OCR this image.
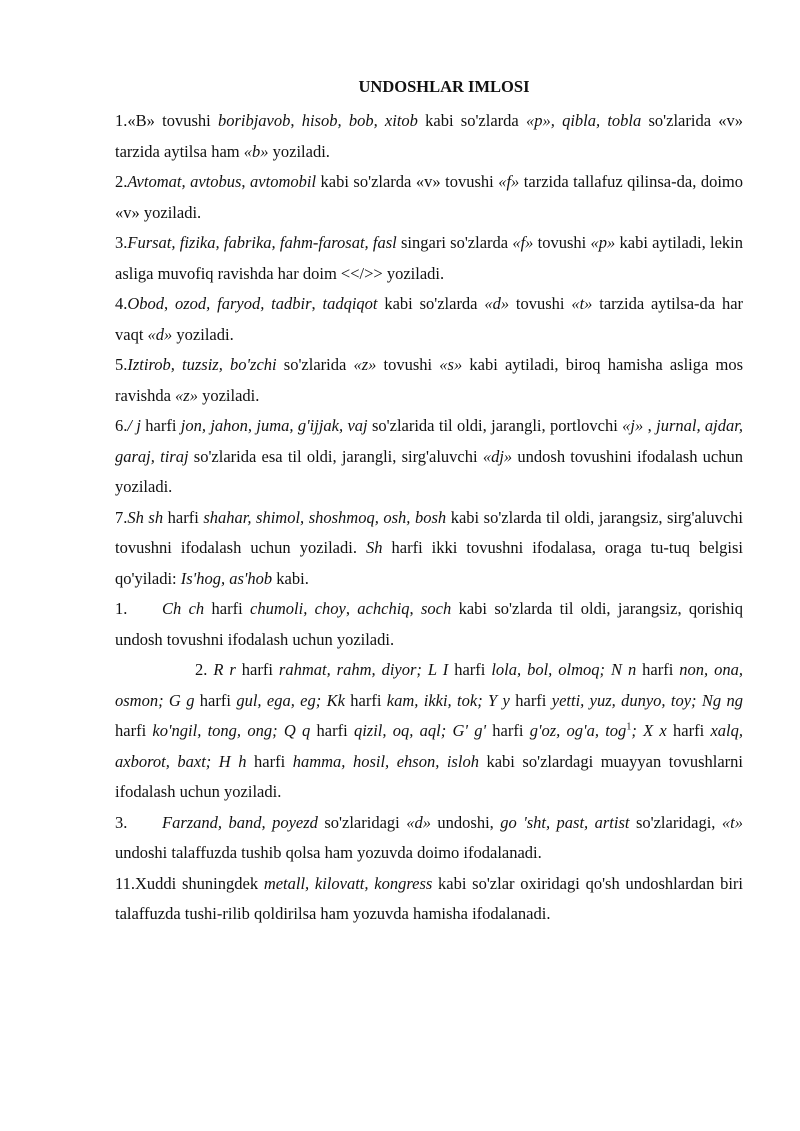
UNDOSHLAR IMLOSI

1.«B» tovushi boribjavob, hisob, bob, xitob kabi so'zlarda «p», qibla, tobla so'zlarida «v» tarzida aytilsa ham «b» yoziladi.

2.Avtomat, avtobus, avtomobil kabi so'zlarda «v» tovushi «f» tarzida tallafuz qilinsa-da, doimo «v» yoziladi.

3.Fursat, fizika, fabrika, fahm-farosat, fasl singari so'zlarda «f» tovushi «p» kabi aytiladi, lekin asliga muvofiq ravishda har doim <</>> yoziladi.

4.Obod, ozod, faryod, tadbir, tadqiqot kabi so'zlarda «d» tovushi «t» tarzida aytilsa-da har vaqt «d» yoziladi.

5.Iztirob, tuzsiz, bo'zchi so'zlarida «z» tovushi «s» kabi aytiladi, biroq hamisha asliga mos ravishda «z» yoziladi.

6./ j harfi jon, jahon, juma, g'ijjak, vaj so'zlarida til oldi, jarangli, portlovchi «j» , jurnal, ajdar, garaj, tiraj so'zlarida esa til oldi, jarangli, sirg'aluvchi «dj» undosh tovushini ifodalash uchun yoziladi.

7.Sh sh harfi shahar, shimol, shoshmoq, osh, bosh kabi so'zlarda til oldi, jarangsiz, sirg'aluvchi tovushni ifodalash uchun yoziladi. Sh harfi ikki tovushni ifodalasa, oraga tu-tuq belgisi qo'yiladi: Is'hog, as'hob kabi.

1. Ch ch harfi chumoli, choy, achchiq, soch kabi so'zlarda til oldi, jarangsiz, qorishiq undosh tovushni ifodalash uchun yoziladi.

2. R r harfi rahmat, rahm, diyor; L I harfi lola, bol, olmoq; N n harfi non, ona, osmon; G g harfi gul, ega, eg; Kk harfi kam, ikki, tok; Y y harfi yetti, yuz, dunyo, toy; Ng ng harfi ko'ngil, tong, ong; Q q harfi qizil, oq, aql; G' g' harfi g'oz, og'a, tog$^1$; X x harfi xalq, axborot, baxt; H h harfi hamma, hosil, ehson, isloh kabi so'zlardagi muayyan tovushlarni ifodalash uchun yoziladi.

3. Farzand, band, poyezd so'zlaridagi «d» undoshi, go 'sht, past, artist so'zlaridagi, «t» undoshi talaffuzda tushib qolsa ham yozuvda doimo ifodalanadi.

11.Xuddi shuningdek metall, kilovatt, kongress kabi so'zlar oxiridagi qo'sh undoshlardan biri talaffuzda tushi-rilib qoldirilsa ham yozuvda hamisha ifodalanadi.
